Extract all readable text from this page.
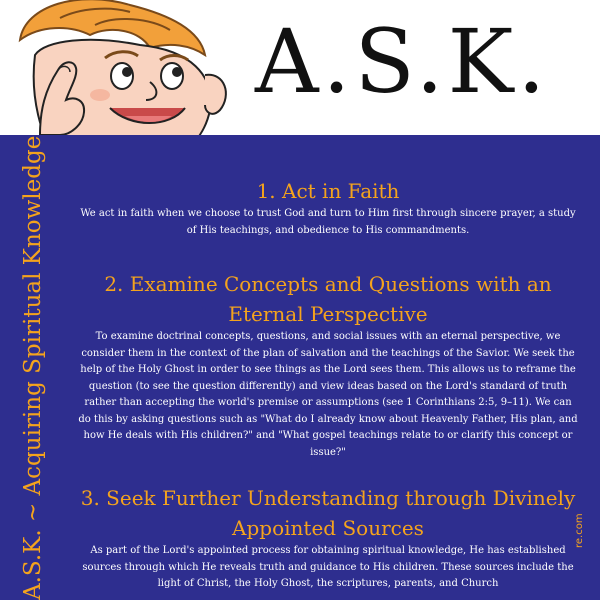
A.S.K.
A.S.K. ~ Acquiring Spiritual Knowledge	re.com
1. Act in Faith

We act in faith when we choose to trust God and turn to Him first through sincere prayer, a study of His teachings, and obedience to His commandments.

2. Examine Concepts and Questions with an Eternal Perspective

To examine doctrinal concepts, questions, and social issues with an eternal perspective, we consider them in the context of the plan of salvation and the teachings of the Savior. We seek the help of the Holy Ghost in order to see things as the Lord sees them. This allows us to reframe the question (to see the question differently) and view ideas based on the Lord's standard of truth rather than accepting the world's premise or assumptions (see 1 Corinthians 2:5, 9–11). We can do this by asking questions such as "What do I already know about Heavenly Father, His plan, and how He deals with His children?" and "What gospel teachings relate to or clarify this concept or issue?"

3. Seek Further Understanding through Divinely Appointed Sources

As part of the Lord's appointed process for obtaining spiritual knowledge, He has established sources through which He reveals truth and guidance to His children. These sources include the light of Christ, the Holy Ghost, the scriptures, parents, and Church
